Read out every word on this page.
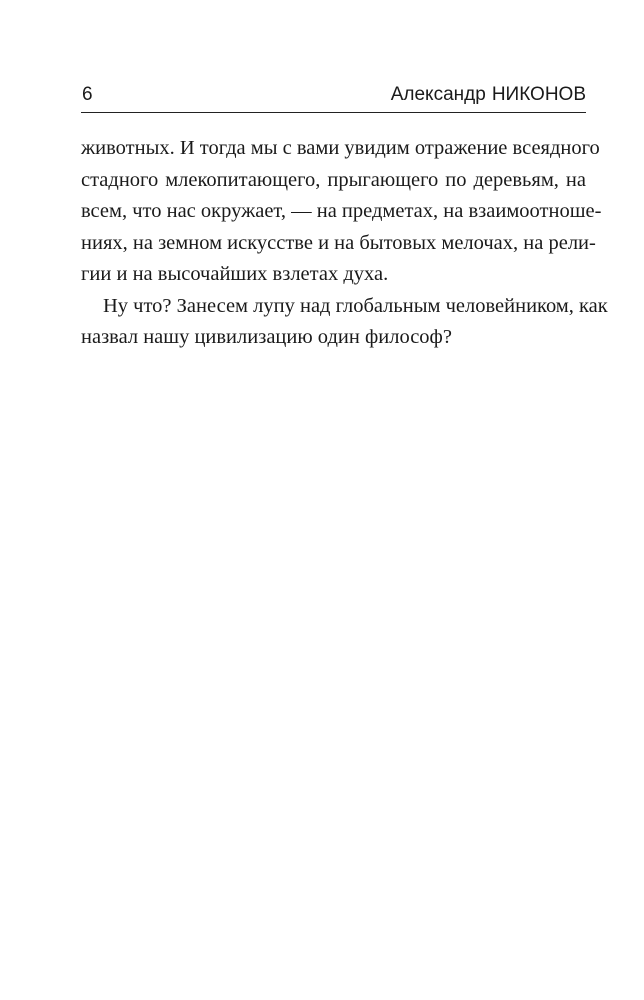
6	Александр НИКОНОВ
животных. И тогда мы с вами увидим отражение всеядного
стадного млекопитающего, прыгающего по деревьям, на
всем, что нас окружает, — на предметах, на взаимоотноше-
ниях, на земном искусстве и на бытовых мелочах, на рели-
гии и на высочайших взлетах духа.
Ну что? Занесем лупу над глобальным человейником, как
назвал нашу цивилизацию один философ?
